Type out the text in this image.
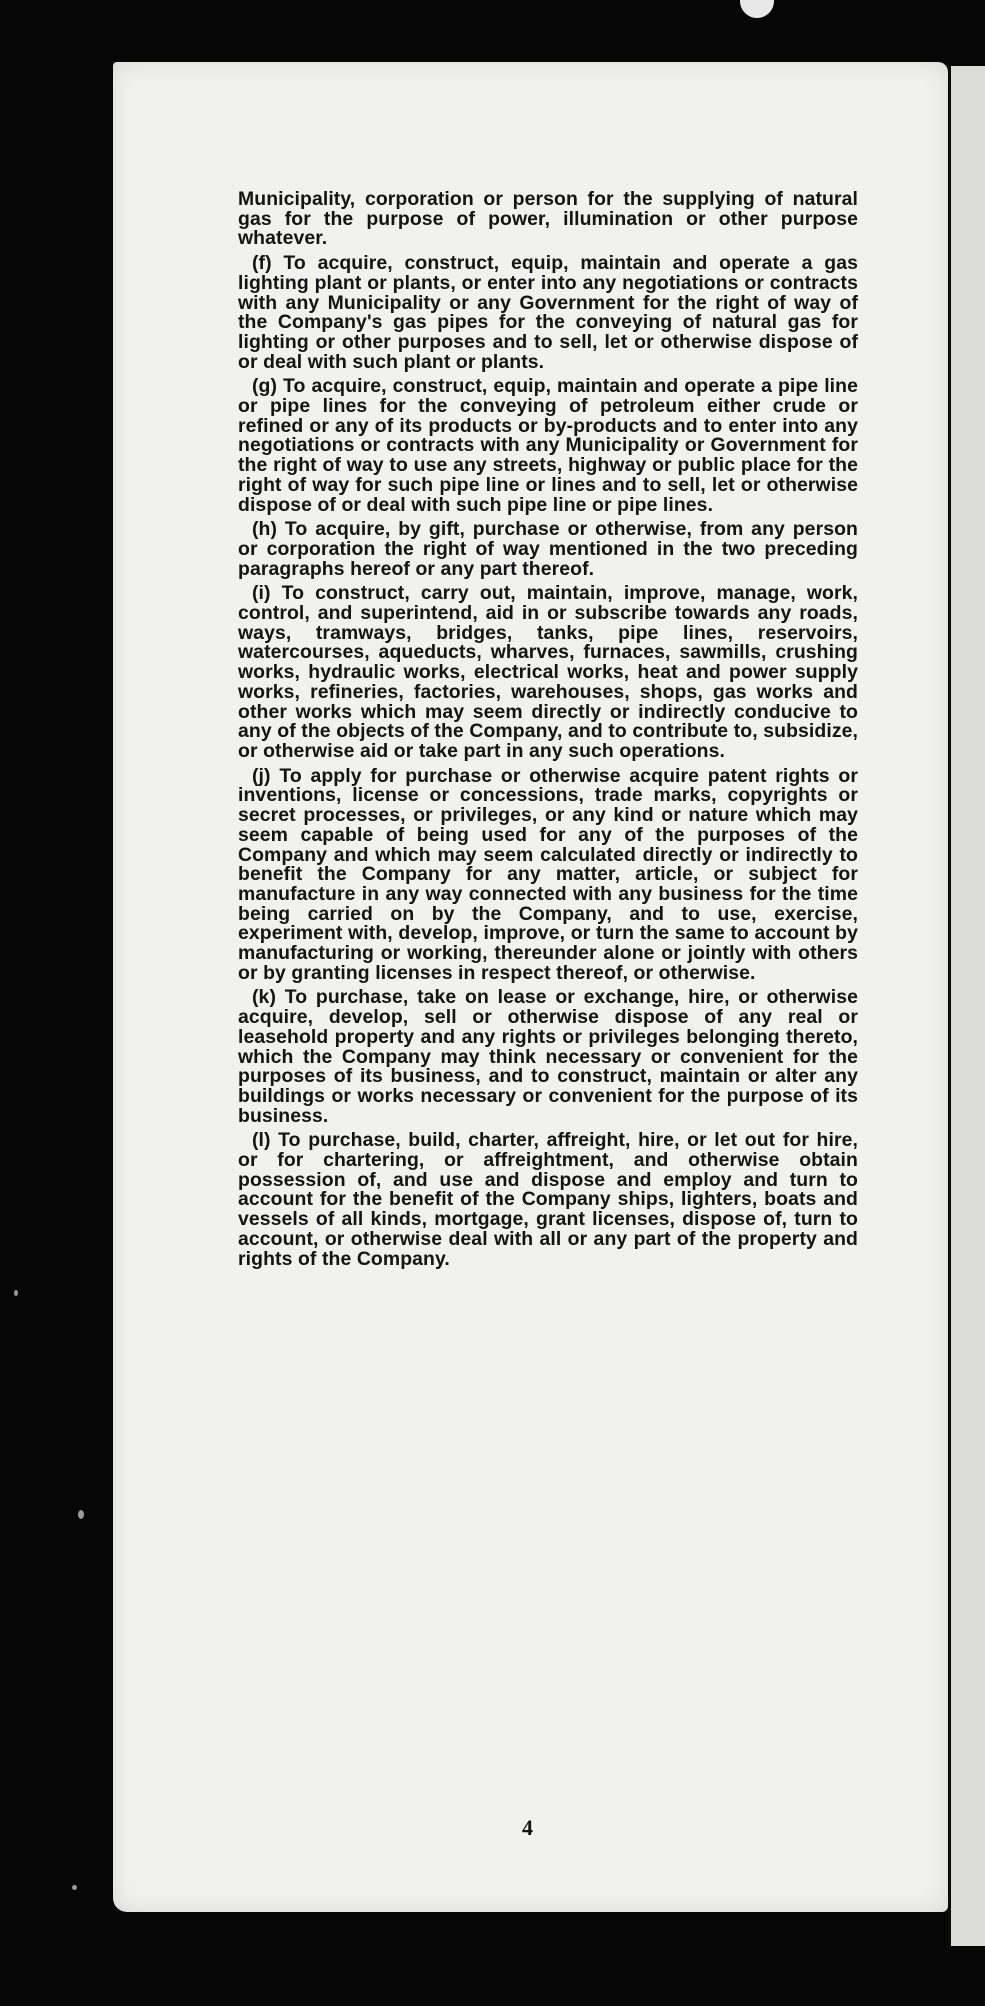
Municipality, corporation or person for the supplying of natural gas for the purpose of power, illumination or other purpose whatever.

(f) To acquire, construct, equip, maintain and operate a gas lighting plant or plants, or enter into any negotiations or contracts with any Municipality or any Government for the right of way of the Company's gas pipes for the conveying of natural gas for lighting or other purposes and to sell, let or otherwise dispose of or deal with such plant or plants.

(g) To acquire, construct, equip, maintain and operate a pipe line or pipe lines for the conveying of petroleum either crude or refined or any of its products or by-products and to enter into any negotiations or contracts with any Municipality or Government for the right of way to use any streets, highway or public place for the right of way for such pipe line or lines and to sell, let or otherwise dispose of or deal with such pipe line or pipe lines.

(h) To acquire, by gift, purchase or otherwise, from any person or corporation the right of way mentioned in the two preceding paragraphs hereof or any part thereof.

(i) To construct, carry out, maintain, improve, manage, work, control, and superintend, aid in or subscribe towards any roads, ways, tramways, bridges, tanks, pipe lines, reservoirs, watercourses, aqueducts, wharves, furnaces, sawmills, crushing works, hydraulic works, electrical works, heat and power supply works, refineries, factories, warehouses, shops, gas works and other works which may seem directly or indirectly conducive to any of the objects of the Company, and to contribute to, subsidize, or otherwise aid or take part in any such operations.

(j) To apply for purchase or otherwise acquire patent rights or inventions, license or concessions, trade marks, copyrights or secret processes, or privileges, or any kind or nature which may seem capable of being used for any of the purposes of the Company and which may seem calculated directly or indirectly to benefit the Company for any matter, article, or subject for manufacture in any way connected with any business for the time being carried on by the Company, and to use, exercise, experiment with, develop, improve, or turn the same to account by manufacturing or working, thereunder alone or jointly with others or by granting licenses in respect thereof, or otherwise.

(k) To purchase, take on lease or exchange, hire, or otherwise acquire, develop, sell or otherwise dispose of any real or leasehold property and any rights or privileges belonging thereto, which the Company may think necessary or convenient for the purposes of its business, and to construct, maintain or alter any buildings or works necessary or convenient for the purpose of its business.

(l) To purchase, build, charter, affreight, hire, or let out for hire, or for chartering, or affreightment, and otherwise obtain possession of, and use and dispose and employ and turn to account for the benefit of the Company ships, lighters, boats and vessels of all kinds, mortgage, grant licenses, dispose of, turn to account, or otherwise deal with all or any part of the property and rights of the Company.

4
